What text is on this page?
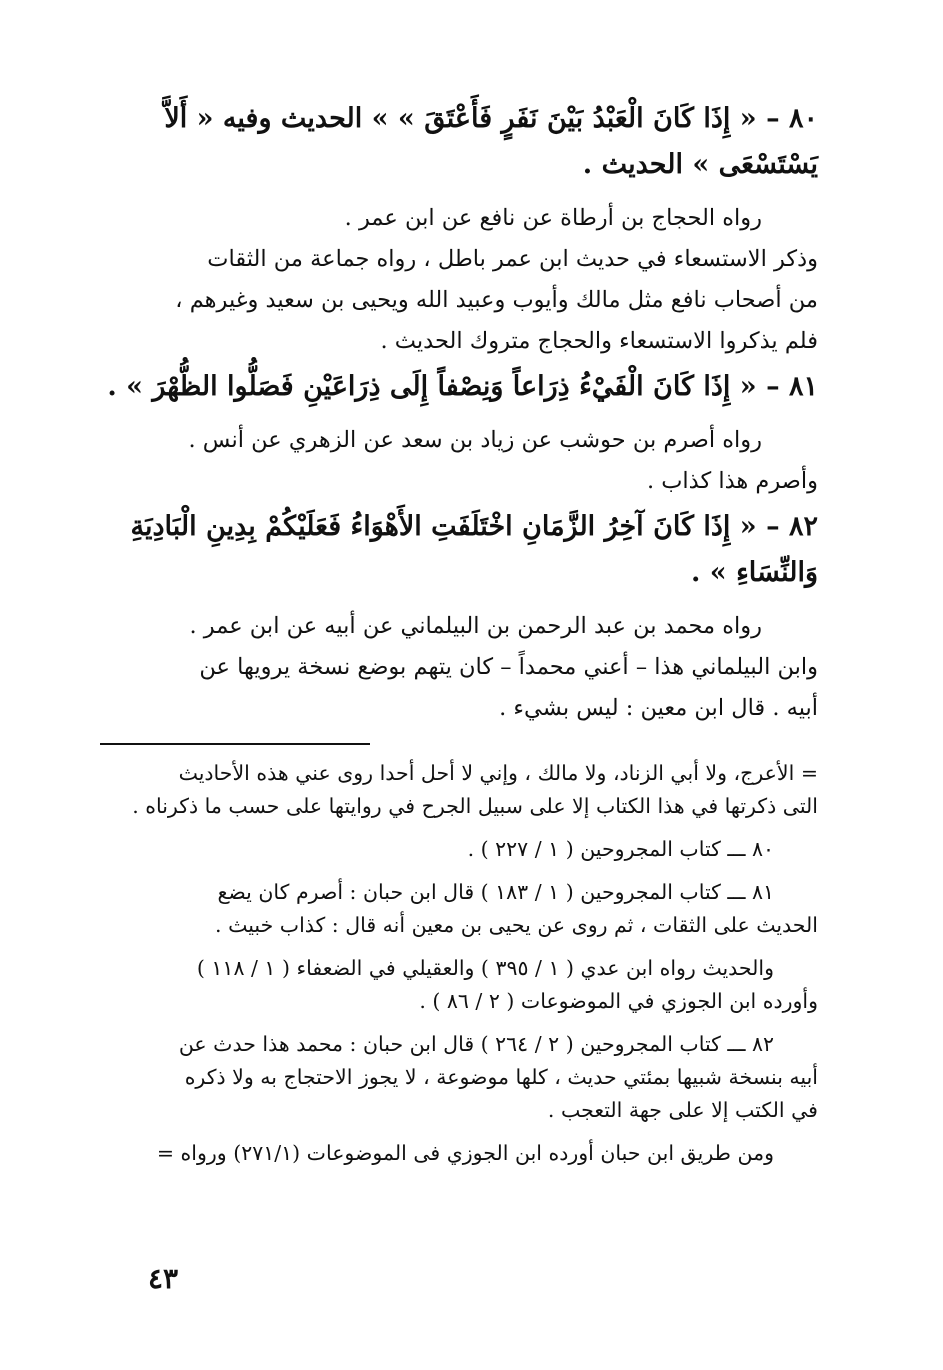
٨٠ – « إِذَا كَانَ الْعَبْدُ بَيْنَ نَفَرٍ فَأَعْتَقَ » » الحديث وفيه « أَلاَّ
يَسْتَسْعَى » الحديث .
رواه الحجاج بن أرطاة عن نافع عن ابن عمر .
وذكر الاستسعاء في حديث ابن عمر باطل ، رواه جماعة من الثقات
من أصحاب نافع مثل مالك وأيوب وعبيد الله ويحيى بن سعيد وغيرهم ،
فلم يذكروا الاستسعاء والحجاج متروك الحديث .
٨١ – « إِذَا كَانَ الْفَيْءُ ذِرَاعاً وَنِصْفاً إِلَى ذِرَاعَيْنِ فَصَلُّوا الظُّهْرَ » .
رواه أصرم بن حوشب عن زياد بن سعد عن الزهري عن أنس .
وأصرم هذا كذاب .
٨٢ – « إِذَا كَانَ آخِرُ الزَّمَانِ اخْتَلَفَتِ الأَهْوَاءُ فَعَلَيْكُمْ بِدِينِ الْبَادِيَةِ
وَالنِّسَاءِ » .
رواه محمد بن عبد الرحمن بن البيلماني عن أبيه عن ابن عمر .
وابن البيلماني هذا – أعني محمداً – كان يتهم بوضع نسخة يرويها عن
أبيه . قال ابن معين : ليس بشيء .
= الأعرج، ولا أبي الزناد، ولا مالك ، وإني لا أحل أحدا روى عني هذه الأحاديث
التى ذكرتها في هذا الكتاب إلا على سبيل الجرح في روايتها على حسب ما ذكرناه .
٨٠ ـــ كتاب المجروحين ( ١ / ٢٢٧ ) .
٨١ ـــ كتاب المجروحين ( ١ / ١٨٣ ) قال ابن حبان : أصرم كان يضع
الحديث على الثقات ، ثم روى عن يحيى بن معين أنه قال : كذاب خبيث .
والحديث رواه ابن عدي ( ١ / ٣٩٥ ) والعقيلي في الضعفاء ( ١ / ١١٨ )
وأورده ابن الجوزي في الموضوعات ( ٢ / ٨٦ ) .
٨٢ ـــ كتاب المجروحين ( ٢ / ٢٦٤ ) قال ابن حبان : محمد هذا حدث عن
أبيه بنسخة شبيها بمئتي حديث ، كلها موضوعة ، لا يجوز الاحتجاج به ولا ذكره
في الكتب إلا على جهة التعجب .
ومن طريق ابن حبان أورده ابن الجوزي فى الموضوعات (٢٧١/١) ورواه =
٤٣
